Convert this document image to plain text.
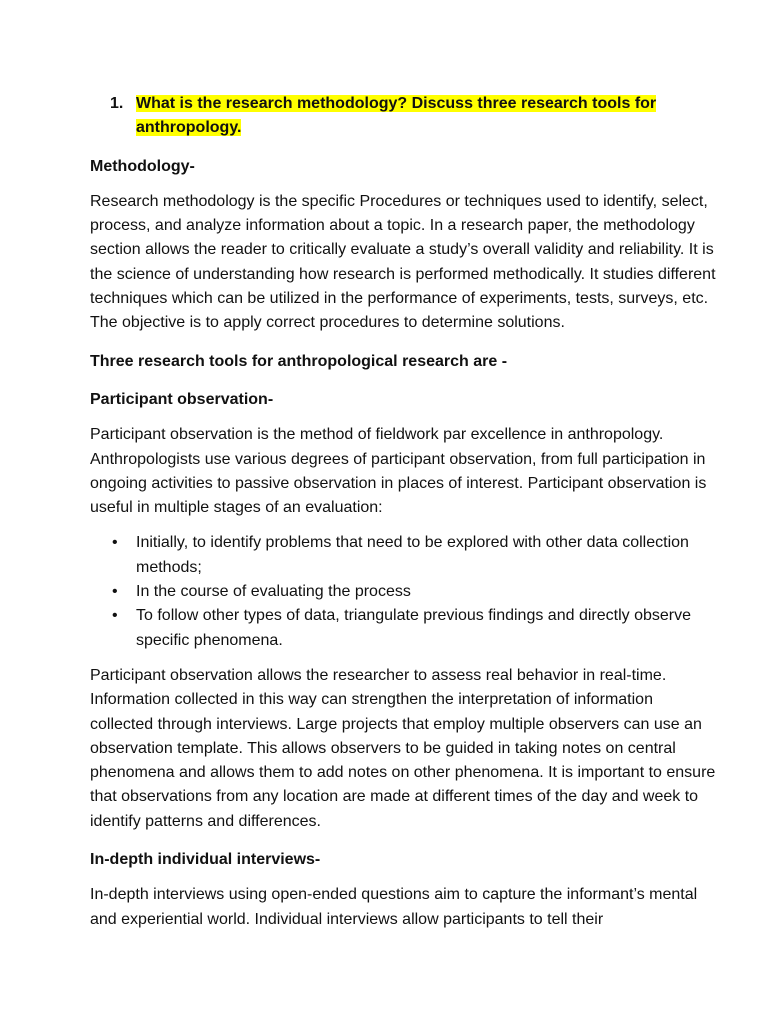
1. What is the research methodology? Discuss three research tools for
anthropology.

Methodology-

Research methodology is the specific Procedures or techniques used to identify, select, process, and analyze information about a topic. In a research paper, the methodology section allows the reader to critically evaluate a study’s overall validity and reliability. It is the science of understanding how research is performed methodically. It studies different techniques which can be utilized in the performance of experiments, tests, surveys, etc. The objective is to apply correct procedures to determine solutions.

Three research tools for anthropological research are -

Participant observation-

Participant observation is the method of fieldwork par excellence in anthropology. Anthropologists use various degrees of participant observation, from full participation in ongoing activities to passive observation in places of interest. Participant observation is useful in multiple stages of an evaluation:

• Initially, to identify problems that need to be explored with other data collection methods;
• In the course of evaluating the process
• To follow other types of data, triangulate previous findings and directly observe specific phenomena.

Participant observation allows the researcher to assess real behavior in real-time. Information collected in this way can strengthen the interpretation of information collected through interviews. Large projects that employ multiple observers can use an observation template. This allows observers to be guided in taking notes on central phenomena and allows them to add notes on other phenomena. It is important to ensure that observations from any location are made at different times of the day and week to identify patterns and differences.

In-depth individual interviews-

In-depth interviews using open-ended questions aim to capture the informant’s mental and experiential world. Individual interviews allow participants to tell their
